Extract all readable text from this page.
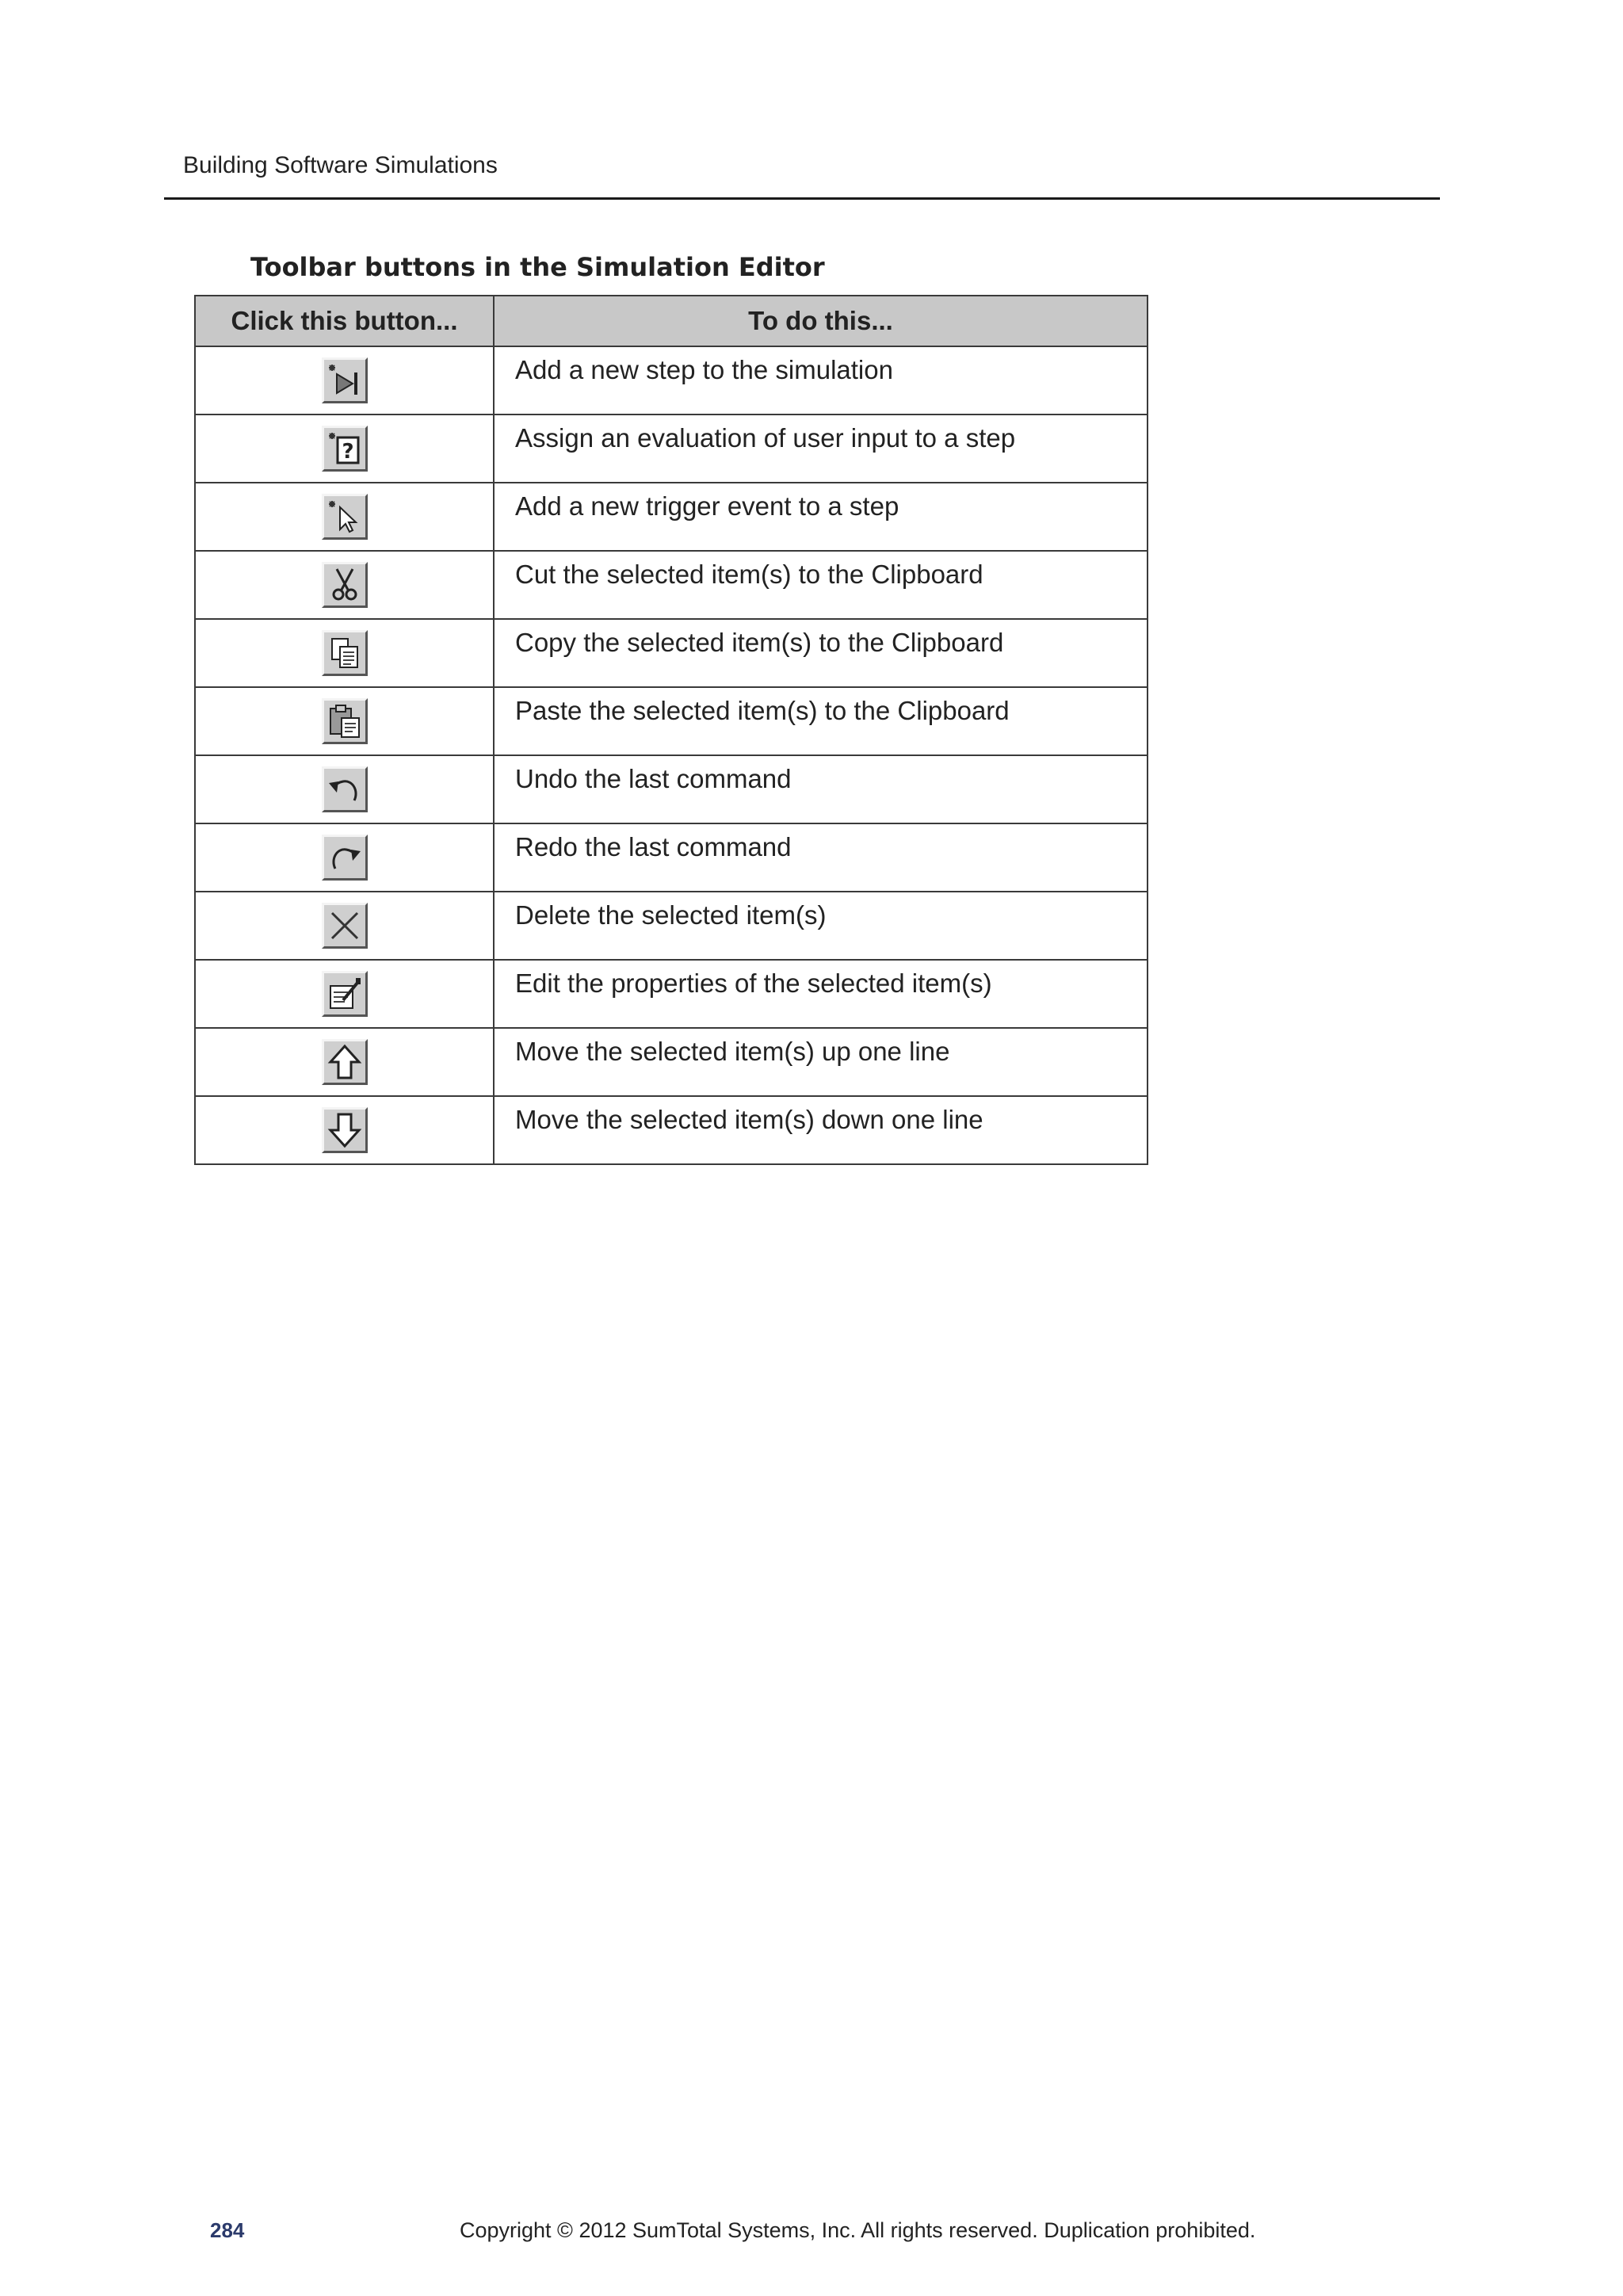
Building Software Simulations
Toolbar buttons in the Simulation Editor
Click this button...	To do this...

	Add a new step to the simulation

?	Assign an evaluation of user input to a step

	Add a new trigger event to a step

	Cut the selected item(s) to the Clipboard

	Copy the selected item(s) to the Clipboard

	Paste the selected item(s) to the Clipboard

	Undo the last command

	Redo the last command

	Delete the selected item(s)

	Edit the properties of the selected item(s)

	Move the selected item(s) up one line

	Move the selected item(s) down one line
284	Copyright © 2012 SumTotal Systems, Inc. All rights reserved. Duplication prohibited.
